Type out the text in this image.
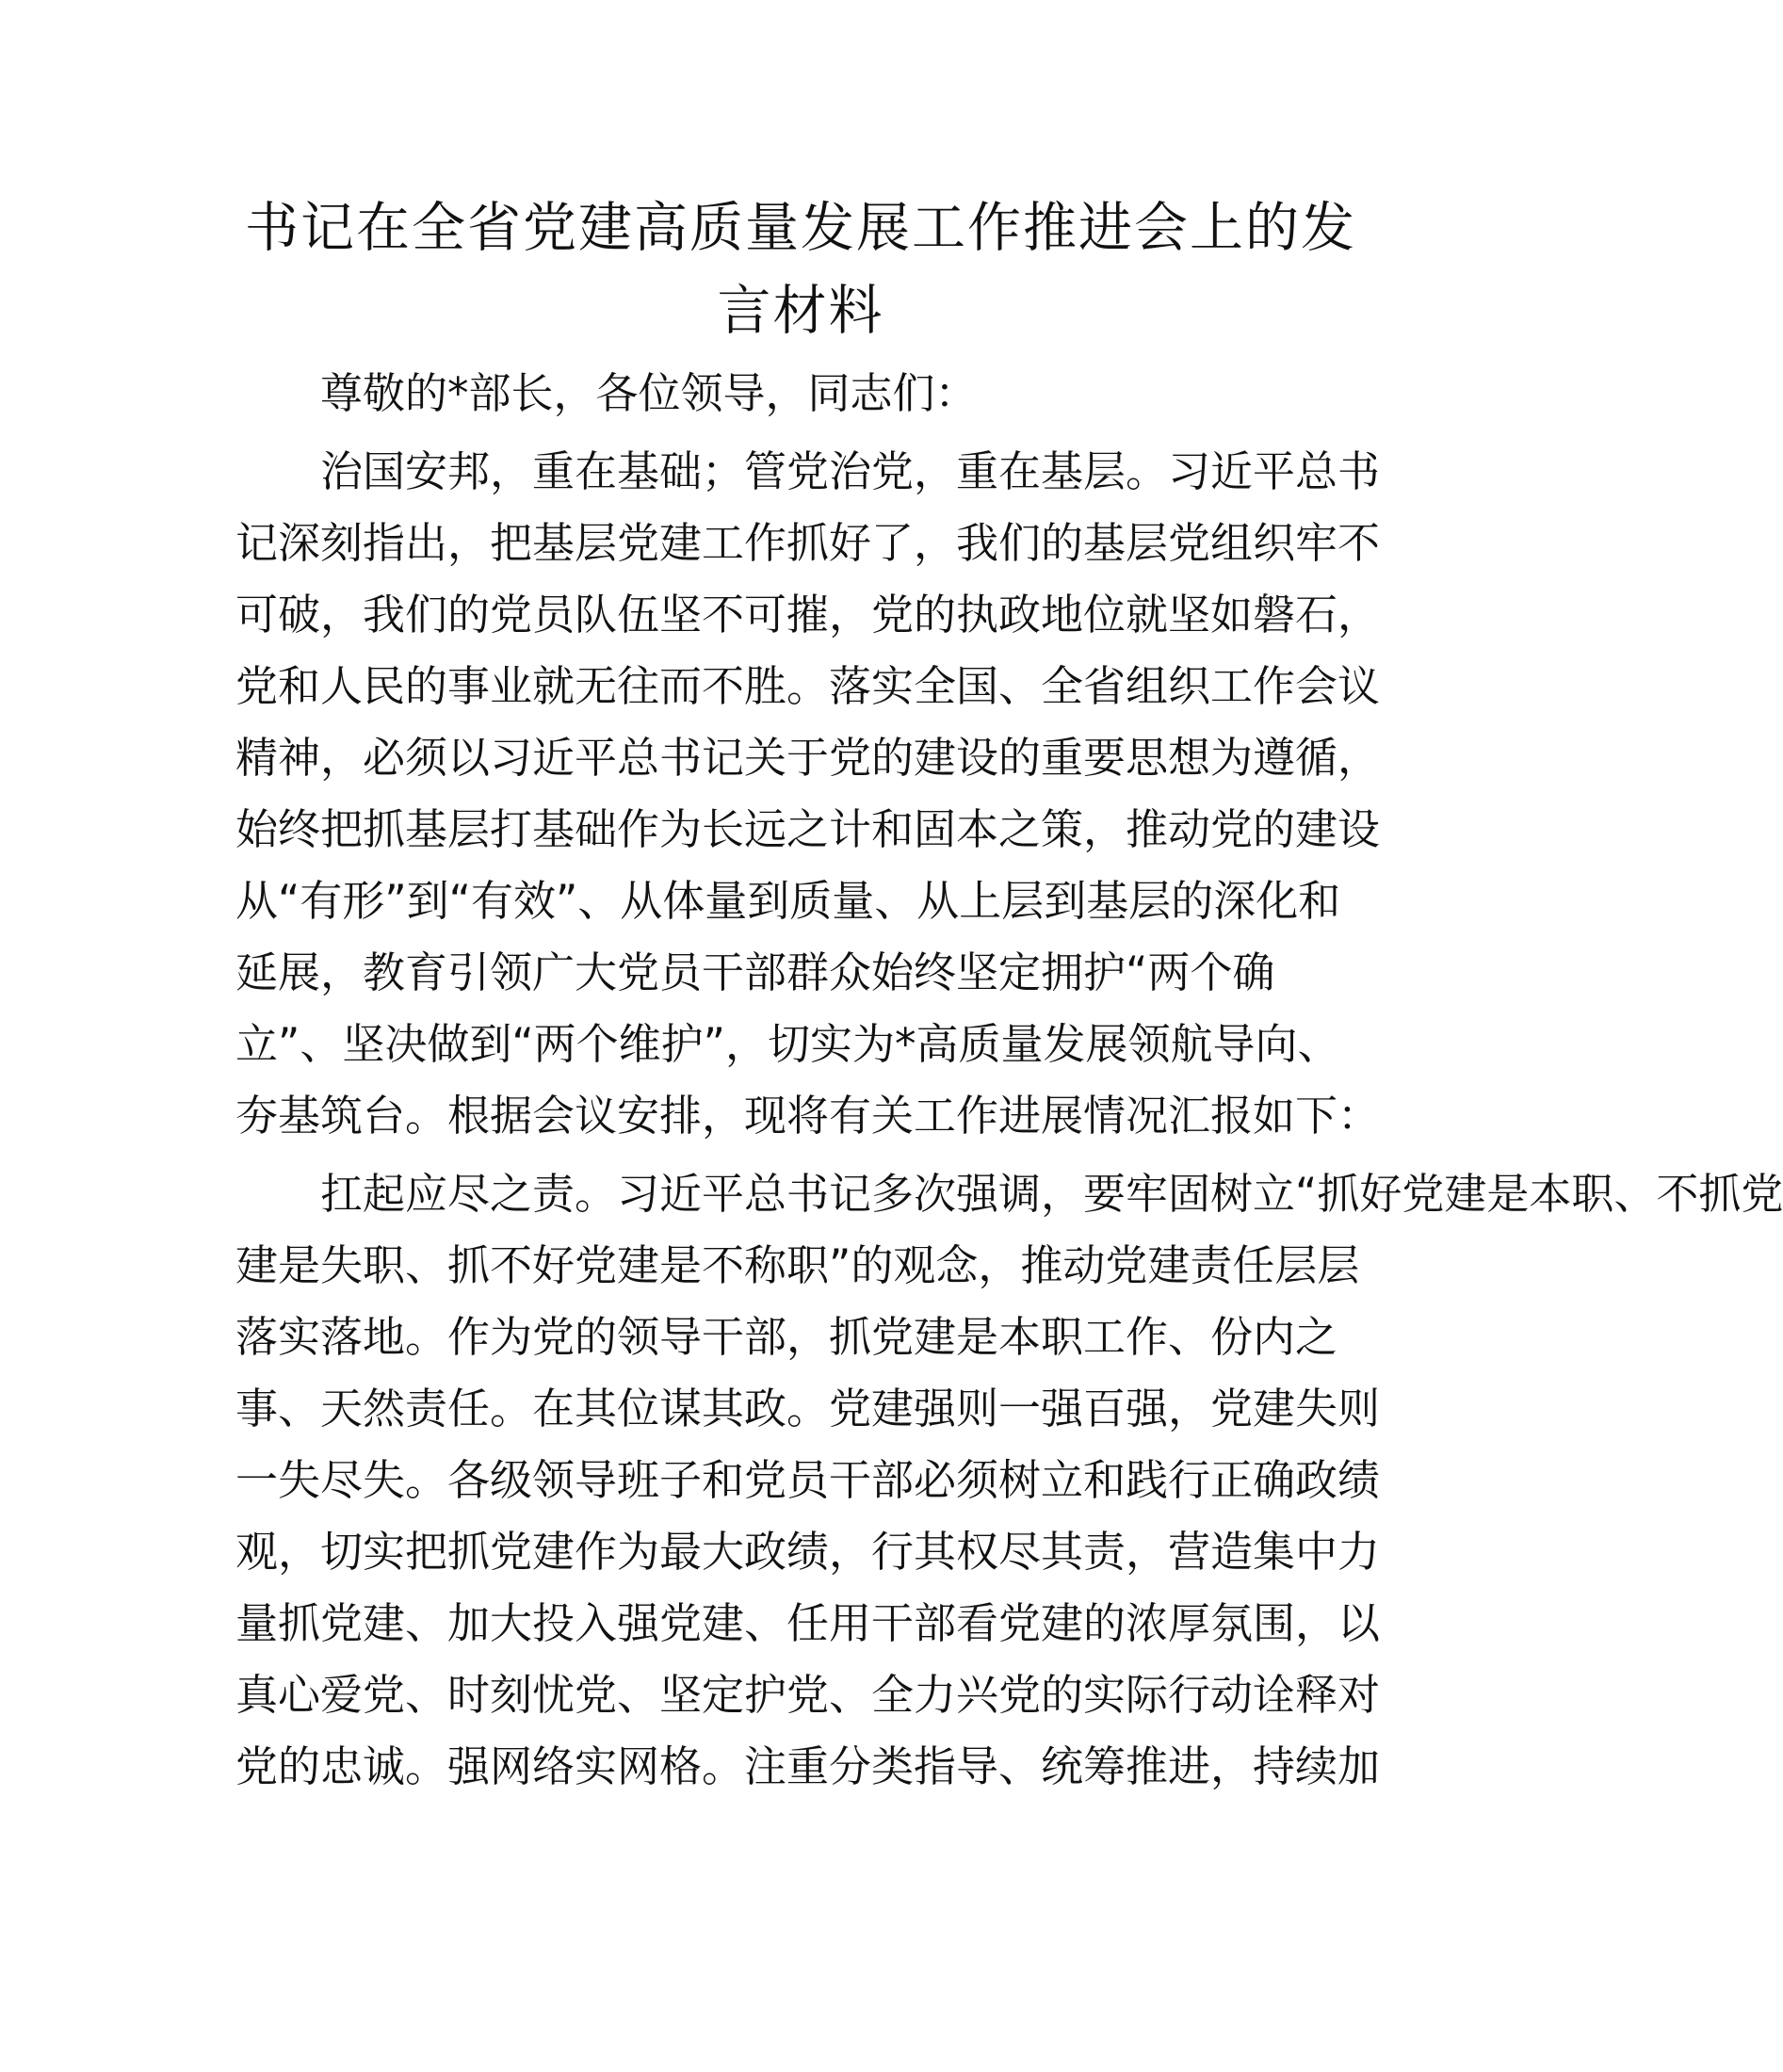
书记在全省党建高质量发展工作推进会上的发
言材料
尊敬的*部长，各位领导，同志们：
治国安邦，重在基础；管党治党，重在基层。习近平总书
记深刻指出，把基层党建工作抓好了，我们的基层党组织牢不
可破，我们的党员队伍坚不可摧，党的执政地位就坚如磐石，
党和人民的事业就无往而不胜。落实全国、全省组织工作会议
精神，必须以习近平总书记关于党的建设的重要思想为遵循，
始终把抓基层打基础作为长远之计和固本之策，推动党的建设
从“有形”到“有效”、从体量到质量、从上层到基层的深化和
延展，教育引领广大党员干部群众始终坚定拥护“两个确
立”、坚决做到“两个维护”，切实为*高质量发展领航导向、
夯基筑台。根据会议安排，现将有关工作进展情况汇报如下：
扛起应尽之责。习近平总书记多次强调，要牢固树立“抓好党建是本职、不抓党
建是失职、抓不好党建是不称职”的观念，推动党建责任层层
落实落地。作为党的领导干部，抓党建是本职工作、份内之
事、天然责任。在其位谋其政。党建强则一强百强，党建失则
一失尽失。各级领导班子和党员干部必须树立和践行正确政绩
观，切实把抓党建作为最大政绩，行其权尽其责，营造集中力
量抓党建、加大投入强党建、任用干部看党建的浓厚氛围，以
真心爱党、时刻忧党、坚定护党、全力兴党的实际行动诠释对
党的忠诚。强网络实网格。注重分类指导、统筹推进，持续加
